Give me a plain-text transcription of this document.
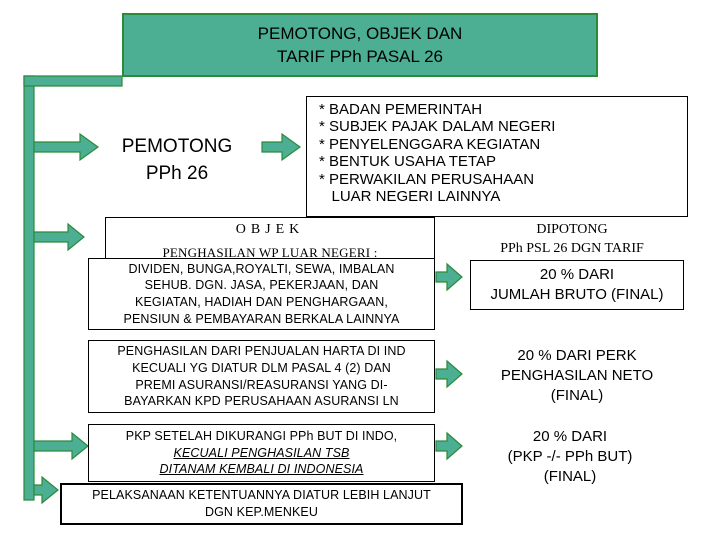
PEMOTONG, OBJEK DAN
TARIF PPh PASAL 26
PEMOTONG
PPh 26
* BADAN PEMERINTAH
* SUBJEK PAJAK DALAM NEGERI
* PENYELENGGARA KEGIATAN
* BENTUK USAHA TETAP
* PERWAKILAN PERUSAHAAN
LUAR NEGERI LAINNYA
OBJEK
PENGHASILAN WP LUAR NEGERI :
DIPOTONG
PPh PSL 26 DGN TARIF
DIVIDEN, BUNGA,ROYALTI, SEWA, IMBALAN
SEHUB. DGN. JASA, PEKERJAAN, DAN
KEGIATAN, HADIAH DAN PENGHARGAAN,
PENSIUN & PEMBAYARAN BERKALA LAINNYA
20 % DARI
JUMLAH BRUTO (FINAL)
PENGHASILAN DARI PENJUALAN HARTA DI IND
KECUALI YG DIATUR DLM PASAL 4 (2) DAN
PREMI ASURANSI/REASURANSI YANG DI-
BAYARKAN KPD PERUSAHAAN ASURANSI LN
20 % DARI PERK
PENGHASILAN NETO
(FINAL)
PKP SETELAH DIKURANGI PPh BUT DI INDO,
KECUALI PENGHASILAN TSB
DITANAM KEMBALI DI INDONESIA
20 % DARI
(PKP -/- PPh BUT)
(FINAL)
PELAKSANAAN KETENTUANNYA DIATUR LEBIH LANJUT
DGN KEP.MENKEU
